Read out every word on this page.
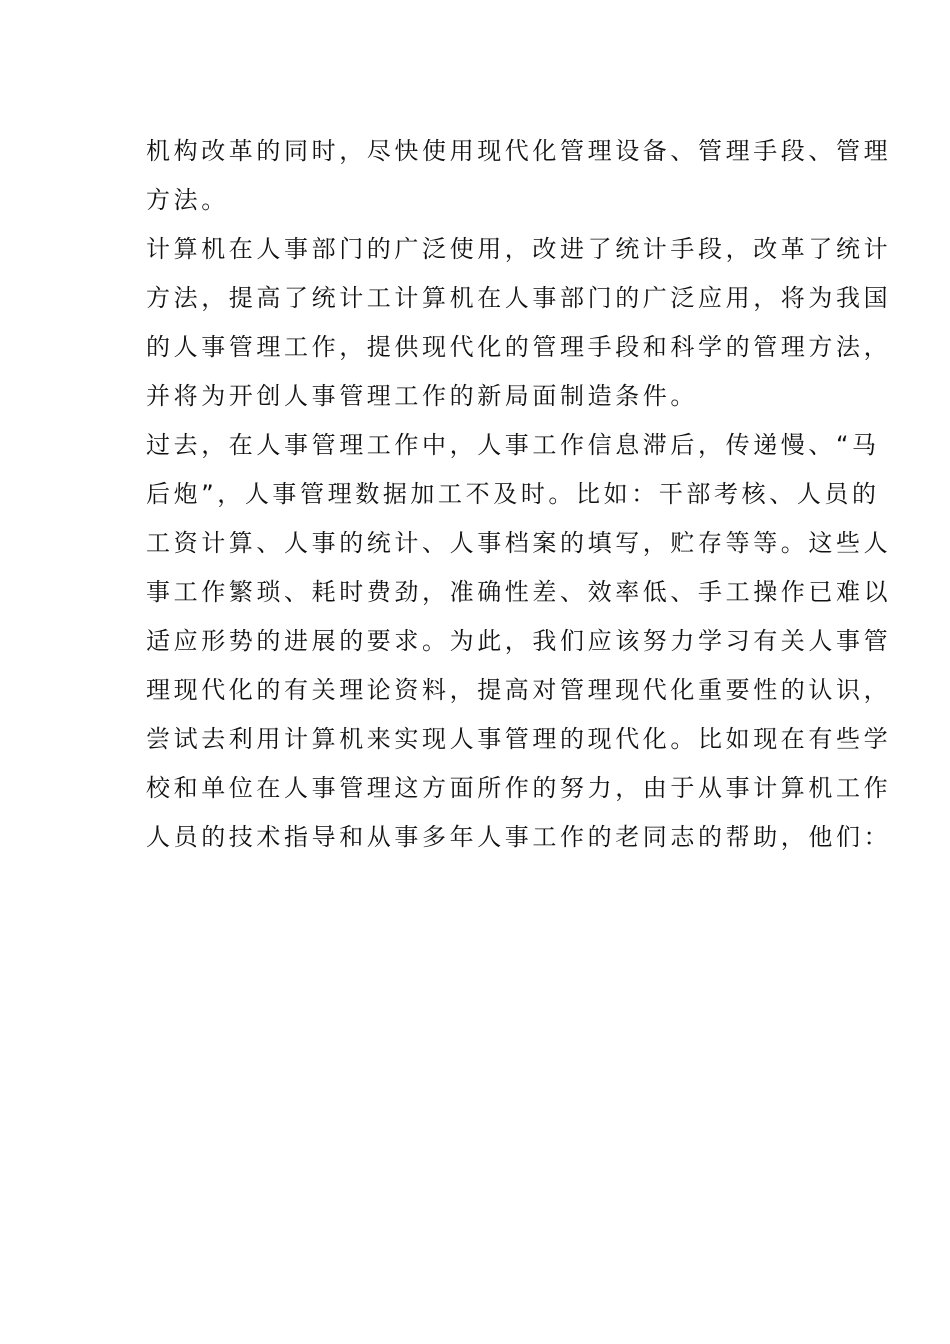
机构改革的同时，尽快使用现代化管理设备、管理手段、管理

方法。

计算机在人事部门的广泛使用，改进了统计手段，改革了统计

方法，提高了统计工计算机在人事部门的广泛应用，将为我国

的人事管理工作，提供现代化的管理手段和科学的管理方法，

并将为开创人事管理工作的新局面制造条件。

过去，在人事管理工作中，人事工作信息滞后，传递慢、“马

后炮”，人事管理数据加工不及时。比如：干部考核、人员的

工资计算、人事的统计、人事档案的填写，贮存等等。这些人

事工作繁琐、耗时费劲，准确性差、效率低、手工操作已难以

适应形势的进展的要求。为此，我们应该努力学习有关人事管

理现代化的有关理论资料，提高对管理现代化重要性的认识，

尝试去利用计算机来实现人事管理的现代化。比如现在有些学

校和单位在人事管理这方面所作的努力，由于从事计算机工作

人员的技术指导和从事多年人事工作的老同志的帮助，他们：
